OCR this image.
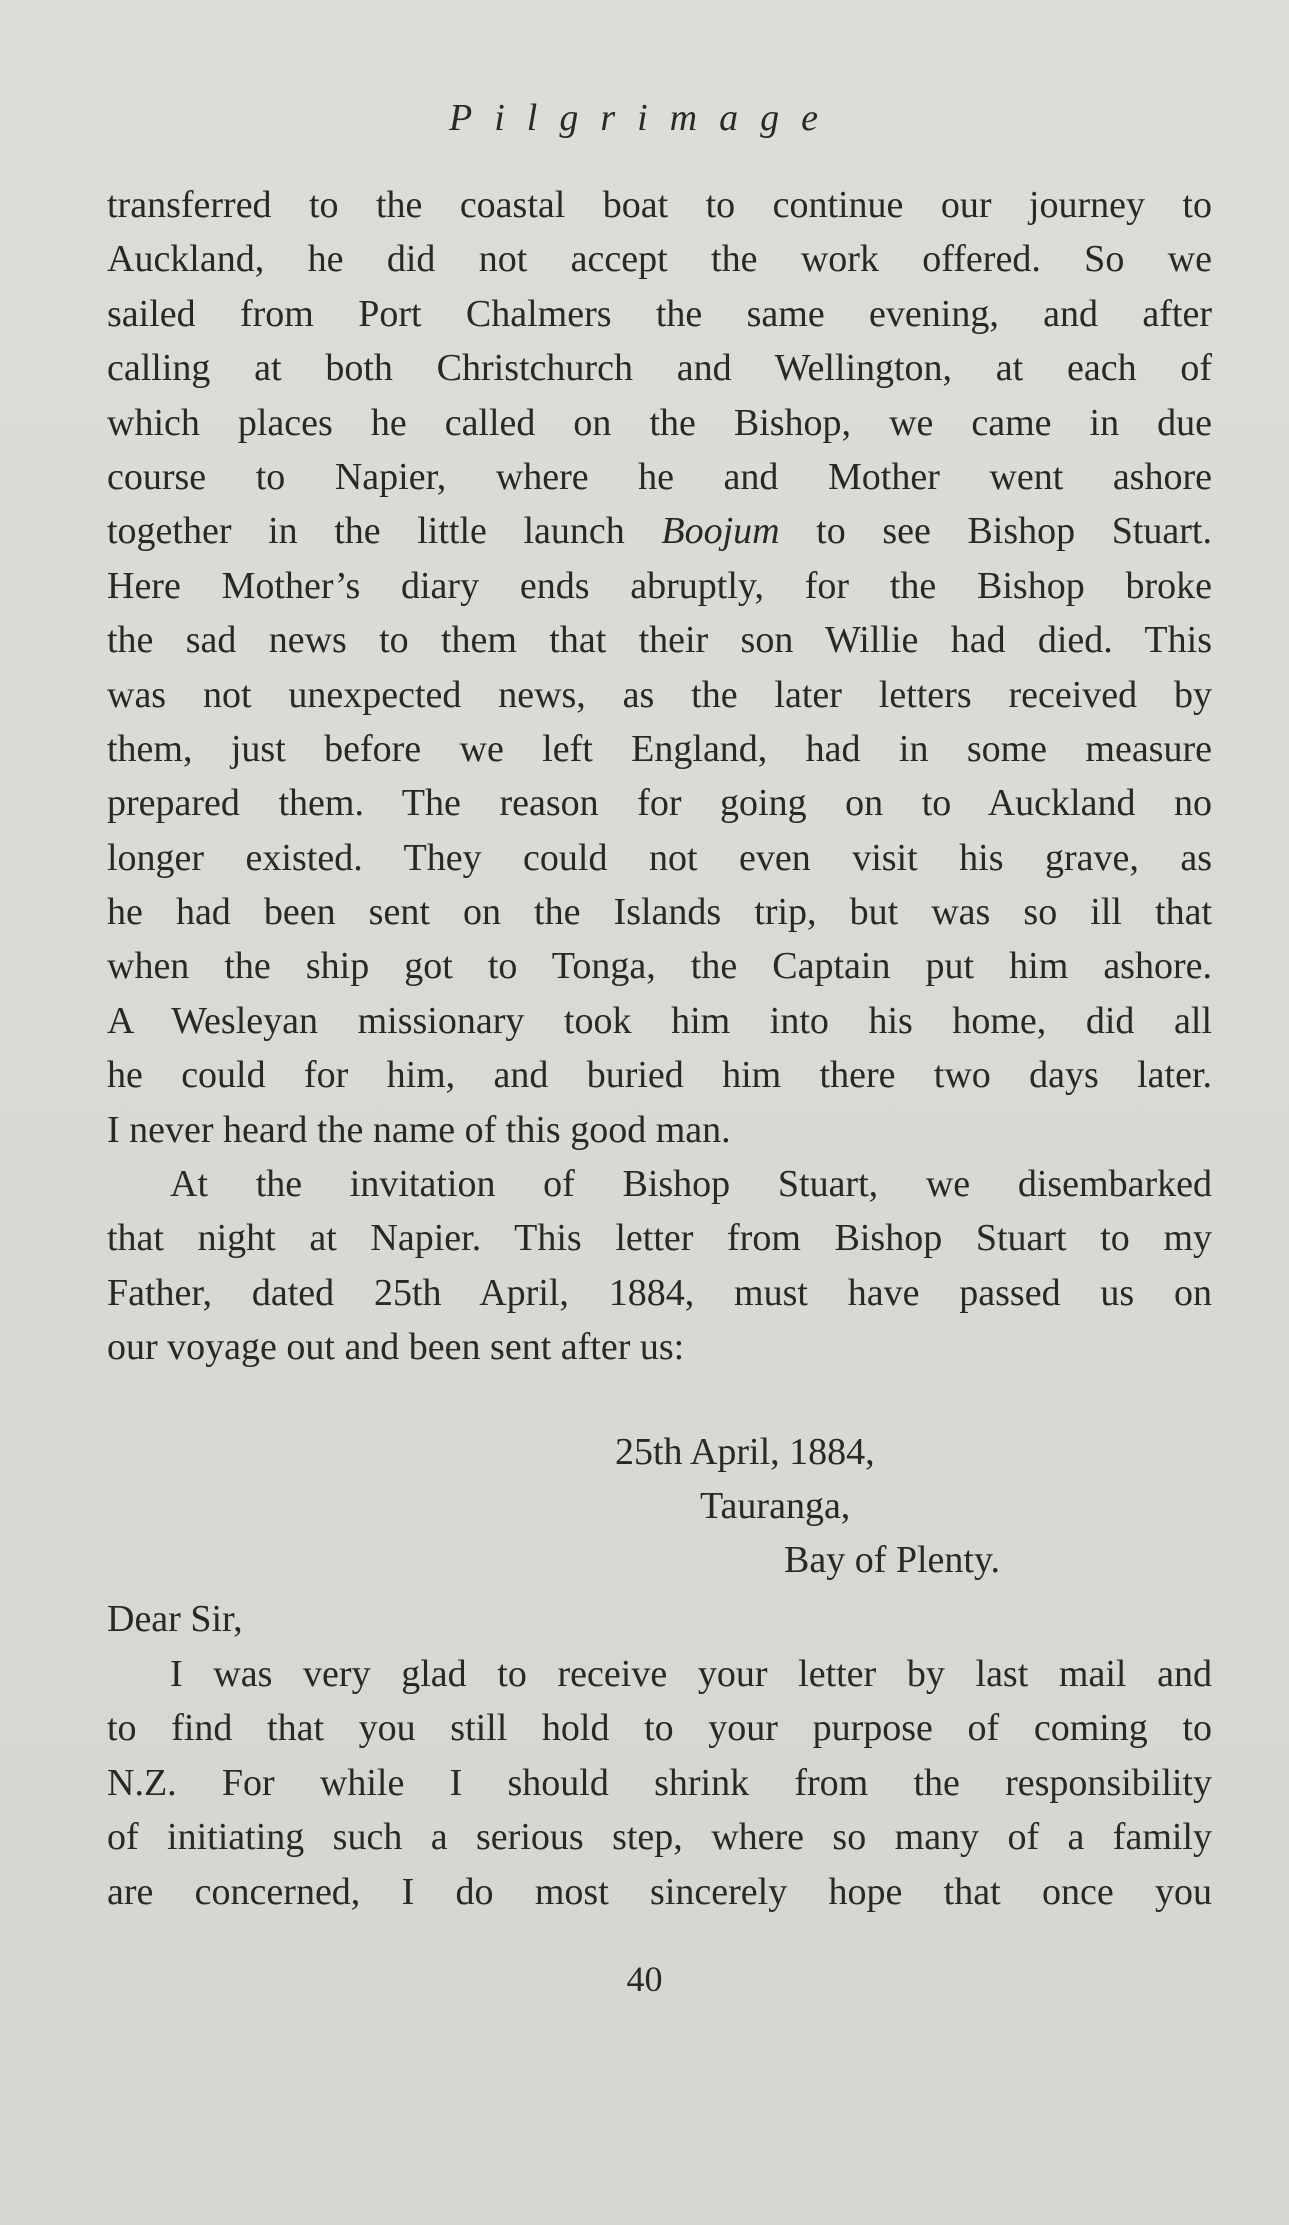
Pilgrimage
transferred to the coastal boat to continue our journey to
Auckland, he did not accept the work offered. So we
sailed from Port Chalmers the same evening, and after
calling at both Christchurch and Wellington, at each of
which places he called on the Bishop, we came in due
course to Napier, where he and Mother went ashore
together in the little launch Boojum to see Bishop Stuart.
Here Mother’s diary ends abruptly, for the Bishop broke
the sad news to them that their son Willie had died. This
was not unexpected news, as the later letters received by
them, just before we left England, had in some measure
prepared them. The reason for going on to Auckland no
longer existed. They could not even visit his grave, as
he had been sent on the Islands trip, but was so ill that
when the ship got to Tonga, the Captain put him ashore.
A Wesleyan missionary took him into his home, did all
he could for him, and buried him there two days later.
I never heard the name of this good man.
At the invitation of Bishop Stuart, we disembarked
that night at Napier. This letter from Bishop Stuart to my
Father, dated 25th April, 1884, must have passed us on
our voyage out and been sent after us:
25th April, 1884,
Tauranga,
Bay of Plenty.
Dear Sir,
I was very glad to receive your letter by last mail and
to find that you still hold to your purpose of coming to
N.Z. For while I should shrink from the responsibility
of initiating such a serious step, where so many of a family
are concerned, I do most sincerely hope that once you
40
